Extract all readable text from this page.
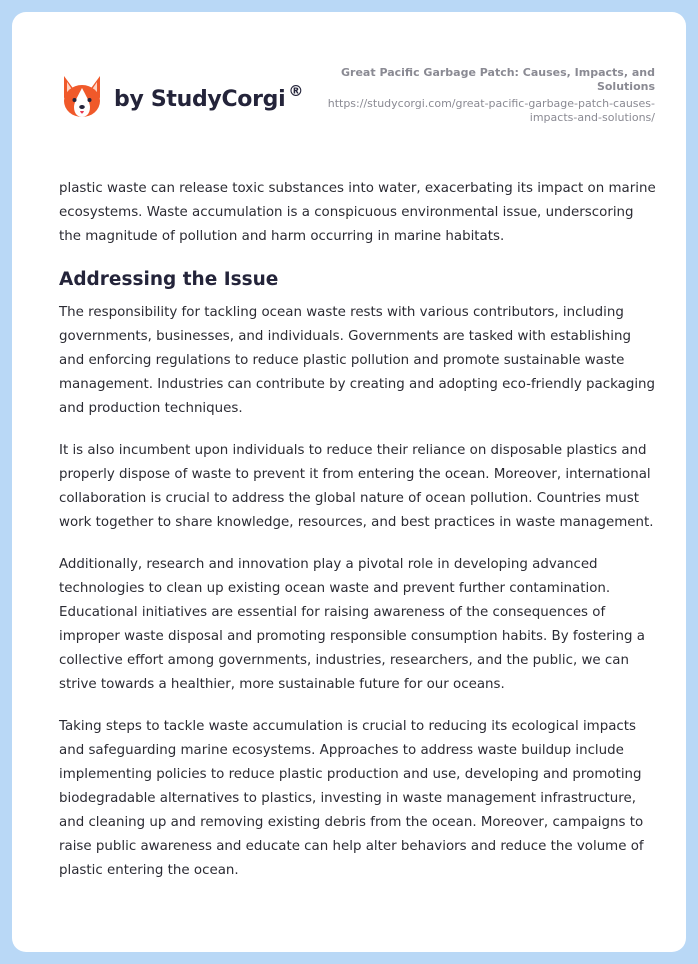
by StudyCorgi ®
Great Pacific Garbage Patch: Causes, Impacts, and Solutions
https://studycorgi.com/great-pacific-garbage-patch-causes-impacts-and-solutions/

plastic waste can release toxic substances into water, exacerbating its impact on marine ecosystems. Waste accumulation is a conspicuous environmental issue, underscoring the magnitude of pollution and harm occurring in marine habitats.

Addressing the Issue

The responsibility for tackling ocean waste rests with various contributors, including governments, businesses, and individuals. Governments are tasked with establishing and enforcing regulations to reduce plastic pollution and promote sustainable waste management. Industries can contribute by creating and adopting eco-friendly packaging and production techniques.

It is also incumbent upon individuals to reduce their reliance on disposable plastics and properly dispose of waste to prevent it from entering the ocean. Moreover, international collaboration is crucial to address the global nature of ocean pollution. Countries must work together to share knowledge, resources, and best practices in waste management.

Additionally, research and innovation play a pivotal role in developing advanced technologies to clean up existing ocean waste and prevent further contamination. Educational initiatives are essential for raising awareness of the consequences of improper waste disposal and promoting responsible consumption habits. By fostering a collective effort among governments, industries, researchers, and the public, we can strive towards a healthier, more sustainable future for our oceans.

Taking steps to tackle waste accumulation is crucial to reducing its ecological impacts and safeguarding marine ecosystems. Approaches to address waste buildup include implementing policies to reduce plastic production and use, developing and promoting biodegradable alternatives to plastics, investing in waste management infrastructure, and cleaning up and removing existing debris from the ocean. Moreover, campaigns to raise public awareness and educate can help alter behaviors and reduce the volume of plastic entering the ocean.
